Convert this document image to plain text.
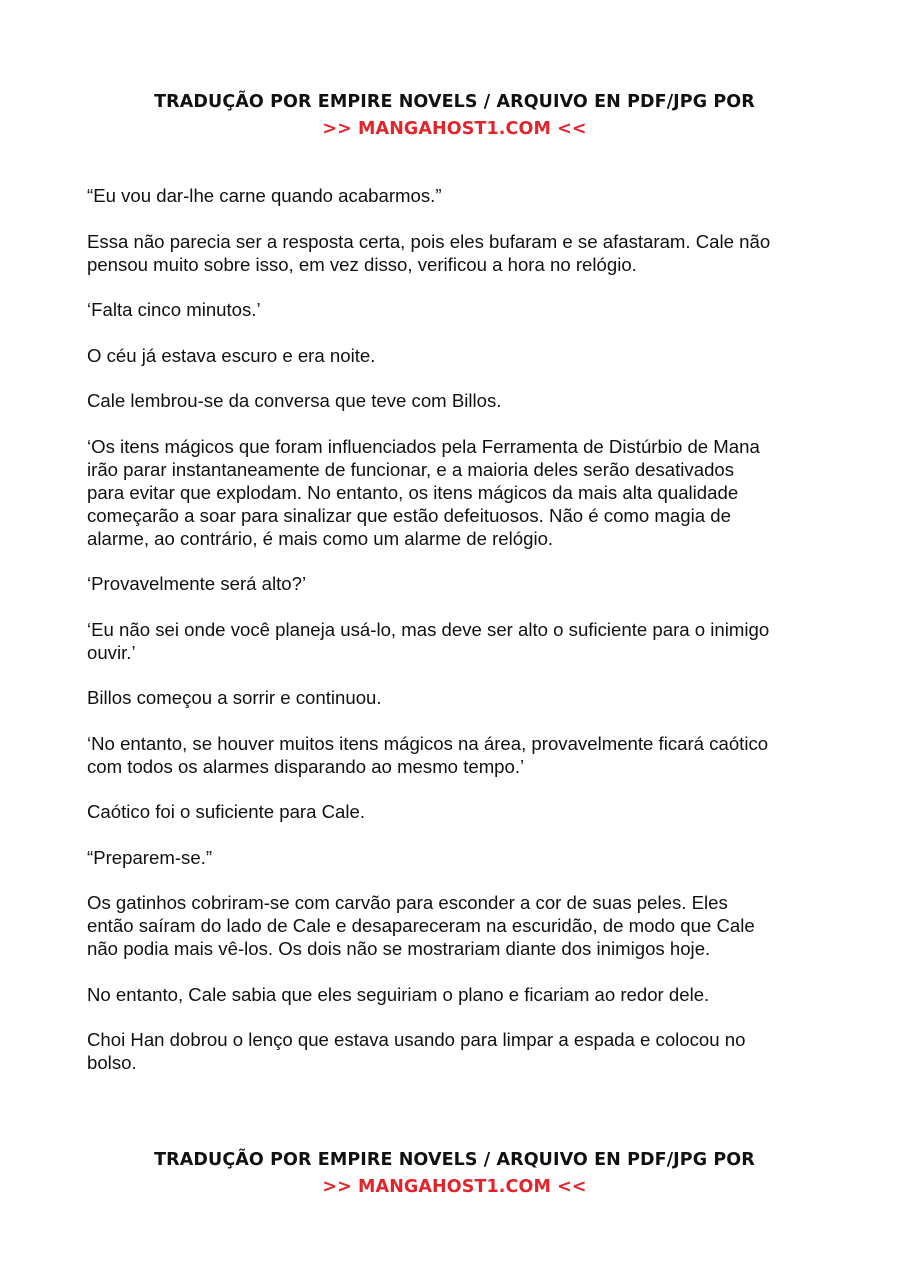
TRADUÇÃO POR EMPIRE NOVELS / ARQUIVO EN PDF/JPG POR
>> MANGAHOST1.COM <<

“Eu vou dar-lhe carne quando acabarmos.”

Essa não parecia ser a resposta certa, pois eles bufaram e se afastaram. Cale não
pensou muito sobre isso, em vez disso, verificou a hora no relógio.

‘Falta cinco minutos.’

O céu já estava escuro e era noite.

Cale lembrou-se da conversa que teve com Billos.

‘Os itens mágicos que foram influenciados pela Ferramenta de Distúrbio de Mana
irão parar instantaneamente de funcionar, e a maioria deles serão desativados
para evitar que explodam. No entanto, os itens mágicos da mais alta qualidade
começarão a soar para sinalizar que estão defeituosos. Não é como magia de
alarme, ao contrário, é mais como um alarme de relógio.

‘Provavelmente será alto?’

‘Eu não sei onde você planeja usá-lo, mas deve ser alto o suficiente para o inimigo
ouvir.’

Billos começou a sorrir e continuou.

‘No entanto, se houver muitos itens mágicos na área, provavelmente ficará caótico
com todos os alarmes disparando ao mesmo tempo.’

Caótico foi o suficiente para Cale.

“Preparem-se.”

Os gatinhos cobriram-se com carvão para esconder a cor de suas peles. Eles
então saíram do lado de Cale e desapareceram na escuridão, de modo que Cale
não podia mais vê-los. Os dois não se mostrariam diante dos inimigos hoje.

No entanto, Cale sabia que eles seguiriam o plano e ficariam ao redor dele.

Choi Han dobrou o lenço que estava usando para limpar a espada e colocou no
bolso.

TRADUÇÃO POR EMPIRE NOVELS / ARQUIVO EN PDF/JPG POR
>> MANGAHOST1.COM <<
